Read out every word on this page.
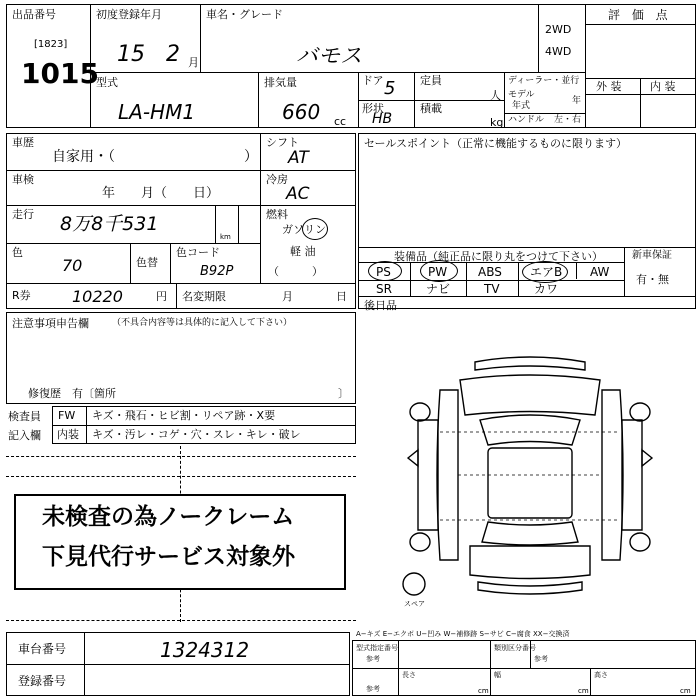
出品番号
[1823]
1015
初度登録年月
15 2 月
車名・グレード
バモス
2WD
4WD
評 価 点
外 装	内 装
型式
LA-HM1
排気量
660 cc
ドア 5
形状
HB
定員
人
積載
kg
ディーラー・並行
モデル
年式	年
ハンドル 左・右
車歴
自家用・（	）
車検
年　　月（　　日）
走行 8万8千531
km
色
70	色替
色コード
B92P
シフト
AT
冷房
AC
燃料
ガソリン
軽 油
（　　　）
R券	10220	円 名変期限	月	日
注意事項申告欄	（不具合内容等は具体的に記入して下さい）
修復歴　有〔箇所	〕
検査員
記入欄
FW キズ・飛石・ヒビ割・リペア跡・X要
内装 キズ・汚レ・コゲ・穴・スレ・キレ・破レ
未検査の為ノークレーム
下見代行サービス対象外
セールスポイント（正常に機能するものに限ります）
装備品（純正品に限り丸をつけて下さい）
PS	PW	ABS エアB AW
SR	ナビ	TV	カワ
新車保証
有・無
後日品
スペア
A−キズ E−エクボ U−凹み W−補修跡 S−サビ C−腐食 XX−交換済
車台番号	1324312
登録番号
型式指定番号
参考
類別区分番号
参考
長さ
参考	cm
幅
cm
高さ
cm
